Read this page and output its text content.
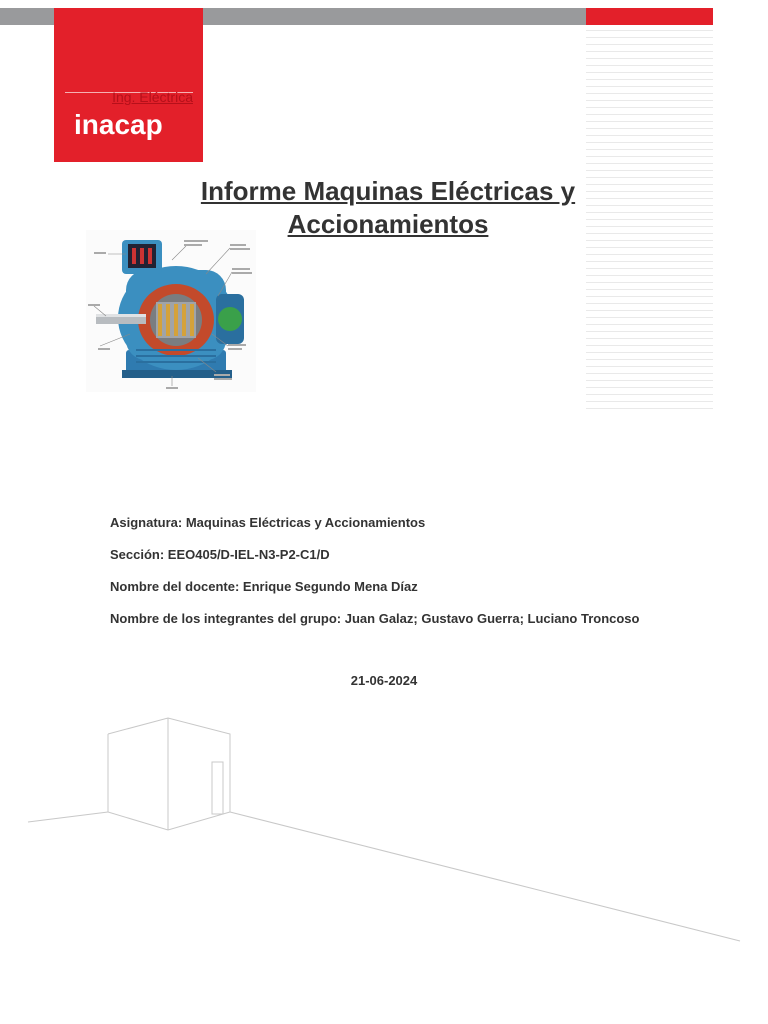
Ing. Eléctrica
inacap
Informe Maquinas Eléctricas y
Accionamientos
Asignatura: Maquinas Eléctricas y Accionamientos
Sección: EEO405/D-IEL-N3-P2-C1/D
Nombre del docente: Enrique Segundo Mena Díaz
Nombre de los integrantes del grupo: Juan Galaz; Gustavo Guerra; Luciano Troncoso
21-06-2024
